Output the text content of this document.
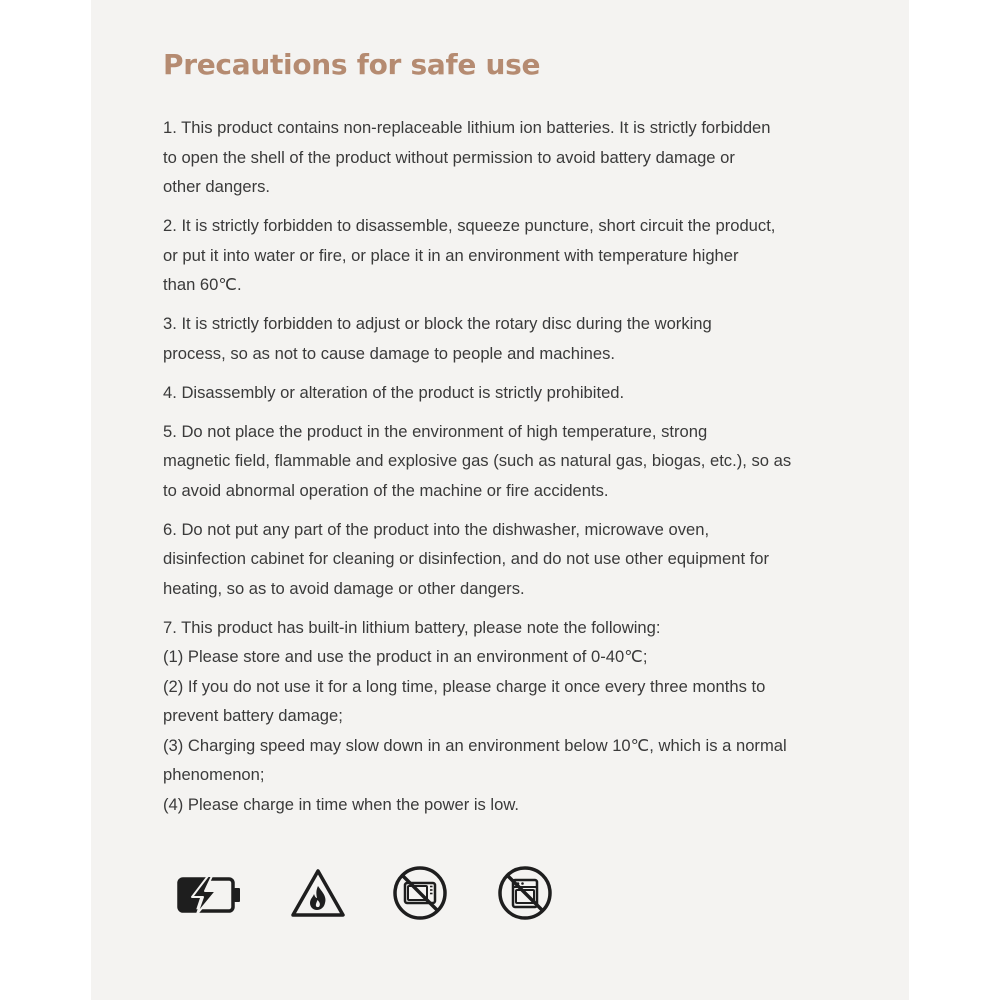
Precautions for safe use

1. This product contains non-replaceable lithium ion batteries. It is strictly forbidden
to open the shell of the product without permission to avoid battery damage or
other dangers.

2. It is strictly forbidden to disassemble, squeeze puncture, short circuit the product,
or put it into water or fire, or place it in an environment with temperature higher
than 60℃.

3. It is strictly forbidden to adjust or block the rotary disc during the working
process, so as not to cause damage to people and machines.

4. Disassembly or alteration of the product is strictly prohibited.

5. Do not place the product in the environment of high temperature, strong
magnetic field, flammable and explosive gas (such as natural gas, biogas, etc.), so as
to avoid abnormal operation of the machine or fire accidents.

6. Do not put any part of the product into the dishwasher, microwave oven,
disinfection cabinet for cleaning or disinfection, and do not use other equipment for
heating, so as to avoid damage or other dangers.

7. This product has built-in lithium battery, please note the following:
(1) Please store and use the product in an environment of 0-40℃;
(2) If you do not use it for a long time, please charge it once every three months to
prevent battery damage;
(3) Charging speed may slow down in an environment below 10℃, which is a normal
phenomenon;
(4) Please charge in time when the power is low.
